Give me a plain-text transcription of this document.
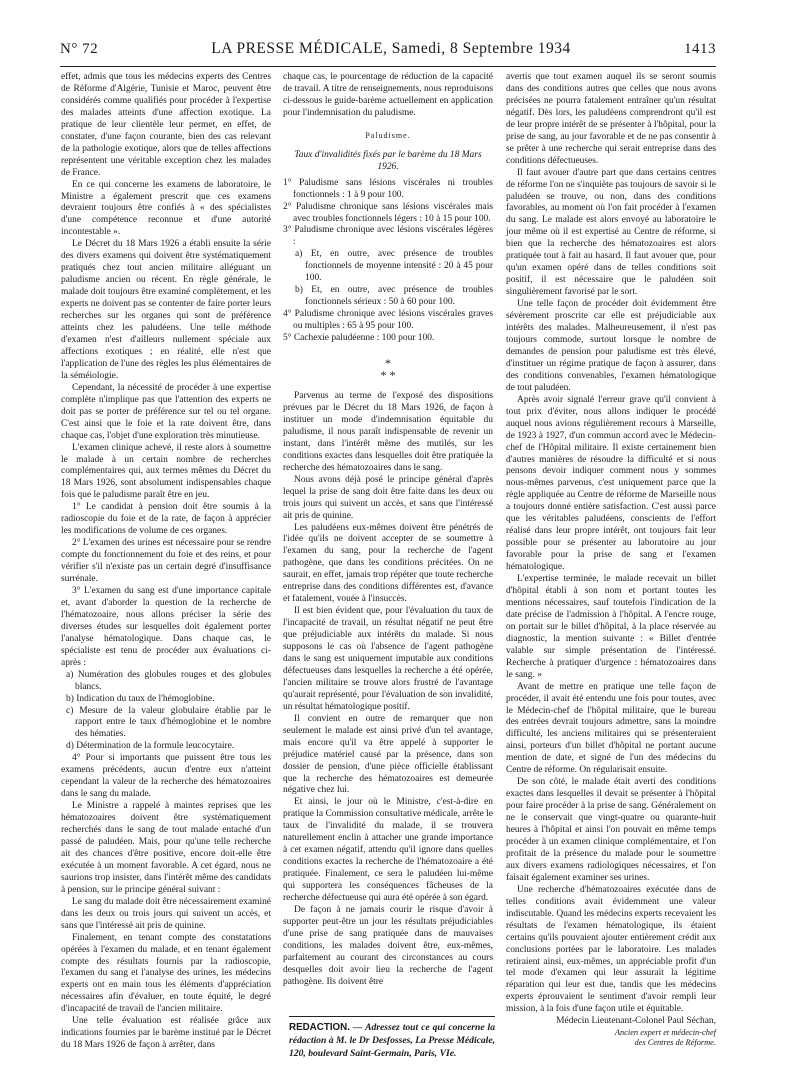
N° 72	LA PRESSE MÉDICALE, Samedi, 8 Septembre 1934	1413

effet, admis que tous les médecins experts des Centres de Réforme d'Algérie, Tunisie et Maroc, peuvent être considérés comme qualifiés pour procéder à l'expertise des malades atteints d'une affection exotique. La pratique de leur clientèle leur permet, en effet, de constater, d'une façon courante, bien des cas relevant de la pathologie exotique, alors que de telles affections représentent une véritable exception chez les malades de France.

En ce qui concerne les examens de laboratoire, le Ministre a également prescrit que ces examens devraient toujours être confiés à « des spécialistes d'une compétence reconnue et d'une autorité incontestable ».

Le Décret du 18 Mars 1926 a établi ensuite la série des divers examens qui doivent être systématiquement pratiqués chez tout ancien militaire alléguant un paludisme ancien ou récent. En règle générale, le malade doit toujours être examiné complètement, et les experts ne doivent pas se contenter de faire porter leurs recherches sur les organes qui sont de préférence atteints chez les paludéens. Une telle méthode d'examen n'est d'ailleurs nullement spéciale aux affections exotiques ; en réalité, elle n'est que l'application de l'une des règles les plus élémentaires de la séméiologie.

Cependant, la nécessité de procéder à une expertise complète n'implique pas que l'attention des experts ne doit pas se porter de préférence sur tel ou tel organe. C'est ainsi que le foie et la rate doivent être, dans chaque cas, l'objet d'une exploration très minutieuse.

L'examen clinique achevé, il reste alors à soumettre le malade à un certain nombre de recherches complémentaires qui, aux termes mêmes du Décret du 18 Mars 1926, sont absolument indispensables chaque fois que le paludisme paraît être en jeu.

1° Le candidat à pension doit être soumis à la radioscopie du foie et de la rate, de façon à apprécier les modifications de volume de ces organes.

2° L'examen des urines est nécessaire pour se rendre compte du fonctionnement du foie et des reins, et pour vérifier s'il n'existe pas un certain degré d'insuffisance surrénale.

3° L'examen du sang est d'une importance capitale et, avant d'aborder la question de la recherche de l'hématozoaire, nous allons préciser la série des diverses études sur lesquelles doit également porter l'analyse hématologique. Dans chaque cas, le spécialiste est tenu de procéder aux évaluations ci-après :

a) Numération des globules rouges et des globules blancs.

b) Indication du taux de l'hémoglobine.

c) Mesure de la valeur globulaire établie par le rapport entre le taux d'hémoglobine et le nombre des hématies.

d) Détermination de la formule leucocytaire.

4° Pour si importants que puissent être tous les examens précédents, aucun d'entre eux n'atteint cependant la valeur de la recherche des hématozoaires dans le sang du malade.

Le Ministre a rappelé à maintes reprises que les hématozoaires doivent être systématiquement recherchés dans le sang de tout malade entaché d'un passé de paludéen. Mais, pour qu'une telle recherche ait des chances d'être positive, encore doit-elle être exécutée à un moment favorable. A cet égard, nous ne saurions trop insister, dans l'intérêt même des candidats à pension, sur le principe général suivant :

Le sang du malade doit être nécessairement examiné dans les deux ou trois jours qui suivent un accès, et sans que l'intéressé ait pris de quinine.

Finalement, en tenant compte des constatations opérées à l'examen du malade, et en tenant également compte des résultats fournis par la radioscopie, l'examen du sang et l'analyse des urines, les médecins experts ont en main tous les éléments d'appréciation nécessaires afin d'évaluer, en toute équité, le degré d'incapacité de travail de l'ancien militaire.

Une telle évaluation est réalisée grâce aux indications fournies par le barème institué par le Décret du 18 Mars 1926 de façon à arrêter, dans

chaque cas, le pourcentage de réduction de la capacité de travail. A titre de renseignements, nous reproduisons ci-dessous le guide-barème actuellement en application pour l'indemnisation du paludisme.

Paludisme.

Taux d'invalidités fixés par le barème du 18 Mars 1926.

1° Paludisme sans lésions viscérales ni troubles fonctionnels : 1 à 9 pour 100.

2° Paludisme chronique sans lésions viscérales mais avec troubles fonctionnels légers : 10 à 15 pour 100.

3° Paludisme chronique avec lésions viscérales légères :

a) Et, en outre, avec présence de troubles fonctionnels de moyenne intensité : 20 à 45 pour 100.

b) Et, en outre, avec présence de troubles fonctionnels sérieux : 50 à 60 pour 100.

4° Paludisme chronique avec lésions viscérales graves ou multiples : 65 à 95 pour 100.

5° Cachexie paludéenne : 100 pour 100.

*
* *

Parvenus au terme de l'exposé des dispositions prévues par le Décret du 18 Mars 1926, de façon à instituer un mode d'indemnisation équitable du paludisme, il nous paraît indispensable de revenir un instant, dans l'intérêt même des mutilés, sur les conditions exactes dans lesquelles doit être pratiquée la recherche des hématozoaires dans le sang.

Nous avons déjà posé le principe général d'après lequel la prise de sang doit être faite dans les deux ou trois jours qui suivent un accès, et sans que l'intéressé ait pris de quinine.

Les paludéens eux-mêmes doivent être pénétrés de l'idée qu'ils ne doivent accepter de se soumettre à l'examen du sang, pour la recherche de l'agent pathogène, que dans les conditions précitées. On ne saurait, en effet, jamais trop répéter que toute recherche entreprise dans des conditions différentes est, d'avance et fatalement, vouée à l'insuccès.

Il est bien évident que, pour l'évaluation du taux de l'incapacité de travail, un résultat négatif ne peut être que préjudiciable aux intérêts du malade. Si nous supposons le cas où l'absence de l'agent pathogène dans le sang est uniquement imputable aux conditions défectueuses dans lesquelles la recherche a été opérée, l'ancien militaire se trouve alors frustré de l'avantage qu'aurait représenté, pour l'évaluation de son invalidité, un résultat hématologique positif.

Il convient en outre de remarquer que non seulement le malade est ainsi privé d'un tel avantage, mais encore qu'il va être appelé à supporter le préjudice matériel causé par la présence, dans son dossier de pension, d'une pièce officielle établissant que la recherche des hématozoaires est demeurée négative chez lui.

Et ainsi, le jour où le Ministre, c'est-à-dire en pratique la Commission consultative médicale, arrête le taux de l'invalidité du malade, il se trouvera naturellement enclin à attacher une grande importance à cet examen négatif, attendu qu'il ignore dans quelles conditions exactes la recherche de l'hématozoaire a été pratiquée. Finalement, ce sera le paludéen lui-même qui supportera les conséquences fâcheuses de la recherche défectueuse qui aura été opérée à son égard.

De façon à ne jamais courir le risque d'avoir à supporter peut-être un jour les résultats préjudiciables d'une prise de sang pratiquée dans de mauvaises conditions, les malades doivent être, eux-mêmes, parfaitement au courant des circonstances au cours desquelles doit avoir lieu la recherche de l'agent pathogène. Ils doivent être

REDACTION. — Adressez tout ce qui concerne la rédaction à M. le Dr Desfosses, La Presse Médicale, 120, boulevard Saint-Germain, Paris, VIe.

avertis que tout examen auquel ils se seront soumis dans des conditions autres que celles que nous avons précisées ne pourra fatalement entraîner qu'un résultat négatif. Dès lors, les paludéens comprendront qu'il est de leur propre intérêt de se présenter à l'hôpital, pour la prise de sang, au jour favorable et de ne pas consentir à se prêter à une recherche qui serait entreprise dans des conditions défectueuses.

Il faut avouer d'autre part que dans certains centres de réforme l'on ne s'inquiète pas toujours de savoir si le paludéen se trouve, ou non, dans des conditions favorables, au moment où l'on fait procéder à l'examen du sang. Le malade est alors envoyé au laboratoire le jour même où il est expertisé au Centre de réforme, si bien que la recherche des hématozoaires est alors pratiquée tout à fait au hasard. Il faut avouer que, pour qu'un examen opéré dans de telles conditions soit positif, il est nécessaire que le paludéen soit singulièrement favorisé par le sort.

Une telle façon de procéder doit évidemment être sévèrement proscrite car elle est préjudiciable aux intérêts des malades. Malheureusement, il n'est pas toujours commode, surtout lorsque le nombre de demandes de pension pour paludisme est très élevé, d'instituer un régime pratique de façon à assurer, dans des conditions convenables, l'examen hématologique de tout paludéen.

Après avoir signalé l'erreur grave qu'il convient à tout prix d'éviter, nous allons indiquer le procédé auquel nous avions régulièrement recours à Marseille, de 1923 à 1927, d'un commun accord avec le Médecin-chef de l'Hôpital militaire. Il existe certainement bien d'autres manières de résoudre la difficulté et si nous pensons devoir indiquer comment nous y sommes nous-mêmes parvenus, c'est uniquement parce que la règle appliquée au Centre de réforme de Marseille nous a toujours donné entière satisfaction. C'est aussi parce que les véritables paludéens, conscients de l'effort réalisé dans leur propre intérêt, ont toujours fait leur possible pour se présenter au laboratoire au jour favorable pour la prise de sang et l'examen hématologique.

L'expertise terminée, le malade recevait un billet d'hôpital établi à son nom et portant toutes les mentions nécessaires, sauf toutefois l'indication de la date précise de l'admission à l'hôpital. A l'encre rouge, on portait sur le billet d'hôpital, à la place réservée au diagnostic, la mention suivante : « Billet d'entrée valable sur simple présentation de l'intéressé. Recherche à pratiquer d'urgence : hématozoaires dans le sang. »

Avant de mettre en pratique une telle façon de procéder, il avait été entendu une fois pour toutes, avec le Médecin-chef de l'hôpital militaire, que le bureau des entrées devrait toujours admettre, sans la moindre difficulté, les anciens militaires qui se présenteraient ainsi, porteurs d'un billet d'hôpital ne portant aucune mention de date, et signé de l'un des médecins du Centre de réforme. On régularisait ensuite.

De son côté, le malade était averti des conditions exactes dans lesquelles il devait se présenter à l'hôpital pour faire procéder à la prise de sang. Généralement on ne le conservait que vingt-quatre ou quarante-huit heures à l'hôpital et ainsi l'on pouvait en même temps procéder à un examen clinique complémentaire, et l'on profitait de la présence du malade pour le soumettre aux divers examens radiologiques nécessaires, et l'on faisait également examiner ses urines.

Une recherche d'hématozoaires exécutée dans de telles conditions avait évidemment une valeur indiscutable. Quand les médecins experts recevaient les résultats de l'examen hématologique, ils étaient certains qu'ils pouvaient ajouter entièrement crédit aux conclusions portées par le laboratoire. Les malades retiraient ainsi, eux-mêmes, un appréciable profit d'un tel mode d'examen qui leur assurait la légitime réparation qui leur est due, tandis que les médecins experts éprouvaient le sentiment d'avoir rempli leur mission, à la fois d'une façon utile et équitable.

Médecin Lieutenant-Colonel Paul Séchan,

Ancien expert et médecin-chef

des Centres de Réforme.
